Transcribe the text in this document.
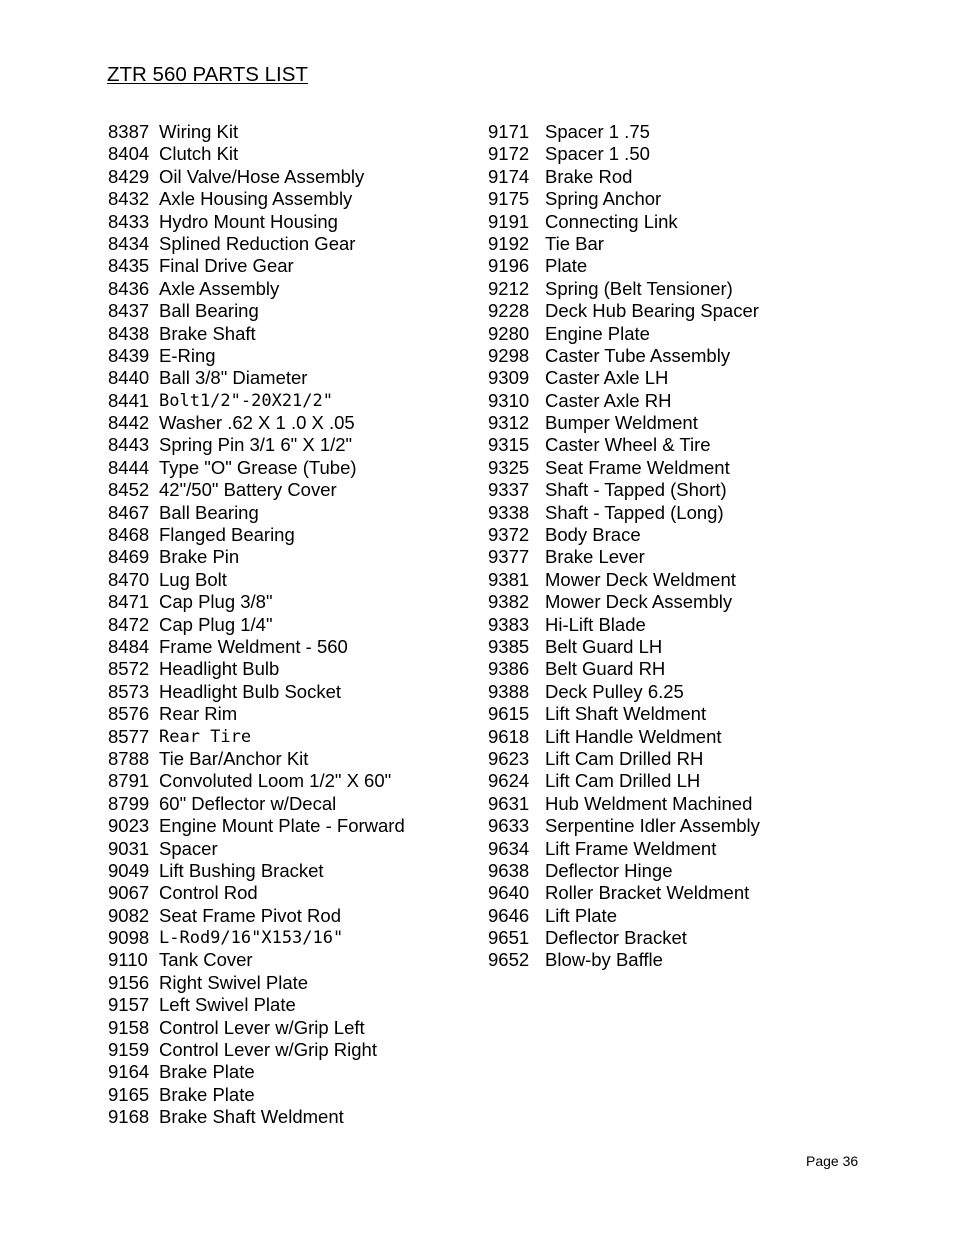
ZTR 560 PARTS LIST
8387 Wiring Kit
8404 Clutch Kit
8429 Oil Valve/Hose Assembly
8432 Axle Housing Assembly
8433 Hydro Mount Housing
8434 Splined Reduction Gear
8435 Final Drive Gear
8436 Axle Assembly
8437 Ball Bearing
8438 Brake Shaft
8439 E-Ring
8440 Ball 3/8" Diameter
8441 Bolt1/2"-20X21/2"
8442 Washer .62 X 1 .0 X .05
8443 Spring Pin 3/1 6" X 1/2"
8444 Type "O" Grease (Tube)
8452 42"/50" Battery Cover
8467 Ball Bearing
8468 Flanged Bearing
8469 Brake Pin
8470 Lug Bolt
8471 Cap Plug 3/8"
8472 Cap Plug 1/4"
8484 Frame Weldment - 560
8572 Headlight Bulb
8573 Headlight Bulb Socket
8576 Rear Rim
8577 Rear Tire
8788 Tie Bar/Anchor Kit
8791 Convoluted Loom 1/2" X 60"
8799 60" Deflector w/Decal
9023 Engine Mount Plate - Forward
9031 Spacer
9049 Lift Bushing Bracket
9067 Control Rod
9082 Seat Frame Pivot Rod
9098 L-Rod9/16"X153/16"
9110 Tank Cover
9156 Right Swivel Plate
9157 Left Swivel Plate
9158 Control Lever w/Grip Left
9159 Control Lever w/Grip Right
9164 Brake Plate
9165 Brake Plate
9168 Brake Shaft Weldment
9171 Spacer 1 .75
9172 Spacer 1 .50
9174 Brake Rod
9175 Spring Anchor
9191 Connecting Link
9192 Tie Bar
9196 Plate
9212 Spring (Belt Tensioner)
9228 Deck Hub Bearing Spacer
9280 Engine Plate
9298 Caster Tube Assembly
9309 Caster Axle LH
9310 Caster Axle RH
9312 Bumper Weldment
9315 Caster Wheel & Tire
9325 Seat Frame Weldment
9337 Shaft - Tapped (Short)
9338 Shaft - Tapped (Long)
9372 Body Brace
9377 Brake Lever
9381 Mower Deck Weldment
9382 Mower Deck Assembly
9383 Hi-Lift Blade
9385 Belt Guard LH
9386 Belt Guard RH
9388 Deck Pulley 6.25
9615 Lift Shaft Weldment
9618 Lift Handle Weldment
9623 Lift Cam Drilled RH
9624 Lift Cam Drilled LH
9631 Hub Weldment Machined
9633 Serpentine Idler Assembly
9634 Lift Frame Weldment
9638 Deflector Hinge
9640 Roller Bracket Weldment
9646 Lift Plate
9651 Deflector Bracket
9652 Blow-by Baffle
Page 36
